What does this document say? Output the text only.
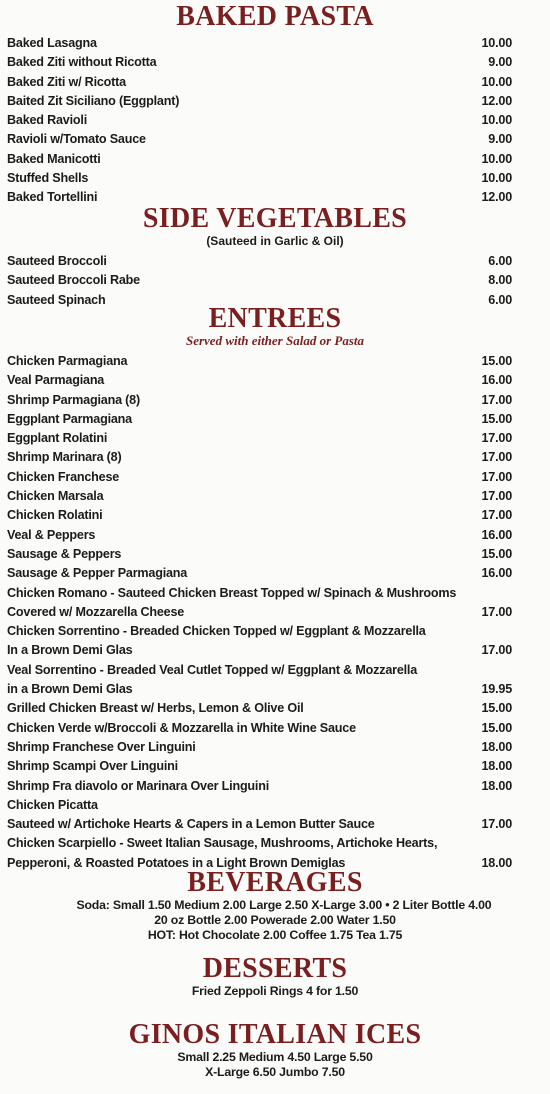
BAKED PASTA
Baked Lasagna	10.00
Baked Ziti without Ricotta	9.00
Baked Ziti w/ Ricotta	10.00
Baited Zit Siciliano (Eggplant)	12.00
Baked Ravioli	10.00
Ravioli w/Tomato Sauce	9.00
Baked Manicotti	10.00
Stuffed Shells	10.00
Baked Tortellini	12.00
SIDE VEGETABLES
(Sauteed in Garlic & Oil)
Sauteed Broccoli	6.00
Sauteed Broccoli Rabe	8.00
Sauteed Spinach	6.00
ENTREES
Served with either Salad or Pasta
Chicken Parmagiana	15.00
Veal Parmagiana	16.00
Shrimp Parmagiana (8)	17.00
Eggplant Parmagiana	15.00
Eggplant Rolatini	17.00
Shrimp Marinara (8)	17.00
Chicken Franchese	17.00
Chicken Marsala	17.00
Chicken Rolatini	17.00
Veal & Peppers	16.00
Sausage & Peppers	15.00
Sausage & Pepper Parmagiana	16.00
Chicken Romano - Sauteed Chicken Breast Topped w/ Spinach & Mushrooms
Covered w/ Mozzarella Cheese	17.00
Chicken Sorrentino - Breaded Chicken Topped w/ Eggplant & Mozzarella
In a Brown Demi Glas	17.00
Veal Sorrentino - Breaded Veal Cutlet Topped w/ Eggplant & Mozzarella
in a Brown Demi Glas	19.95
Grilled Chicken Breast w/ Herbs, Lemon & Olive Oil	15.00
Chicken Verde w/Broccoli & Mozzarella in White Wine Sauce	15.00
Shrimp Franchese Over Linguini	18.00
Shrimp Scampi Over Linguini	18.00
Shrimp Fra diavolo or Marinara Over Linguini	18.00
Chicken Picatta
Sauteed w/ Artichoke Hearts & Capers in a Lemon Butter Sauce	17.00
Chicken Scarpiello - Sweet Italian Sausage, Mushrooms, Artichoke Hearts,
Pepperoni, & Roasted Potatoes in a Light Brown Demiglas	18.00
BEVERAGES
Soda: Small 1.50 Medium 2.00 Large 2.50 X-Large 3.00 • 2 Liter Bottle 4.00
20 oz Bottle 2.00 Powerade 2.00 Water 1.50
HOT: Hot Chocolate 2.00 Coffee 1.75 Tea 1.75
DESSERTS
Fried Zeppoli Rings 4 for 1.50
GINOS ITALIAN ICES
Small 2.25 Medium 4.50 Large 5.50
X-Large 6.50 Jumbo 7.50
